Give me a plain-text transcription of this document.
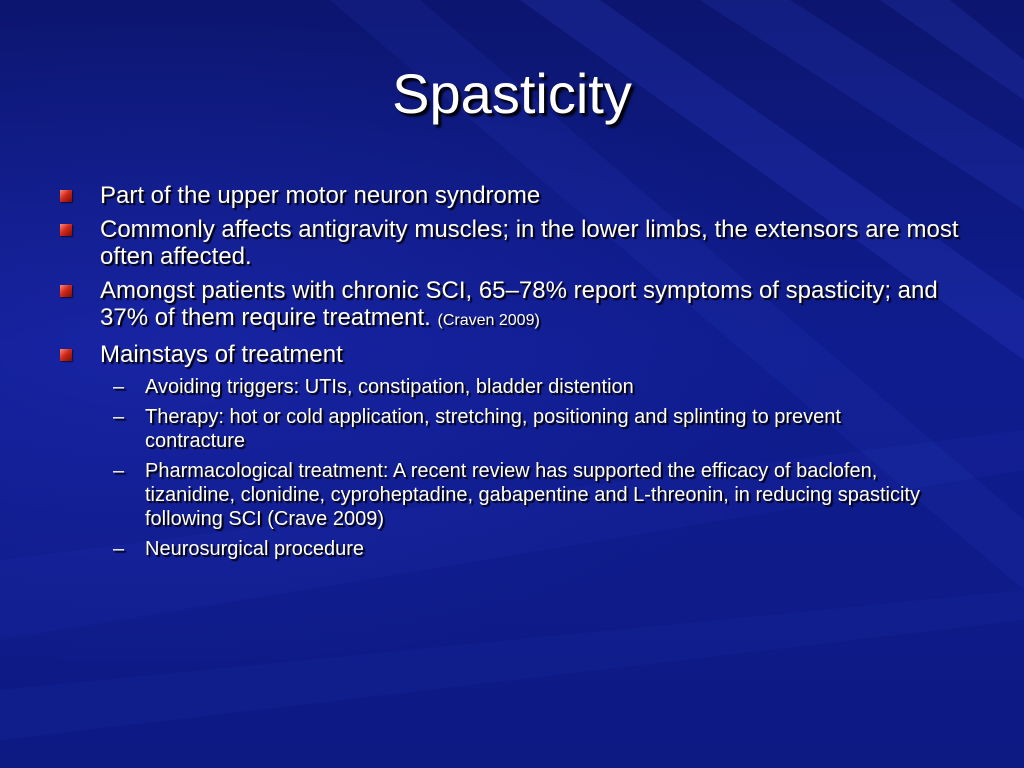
Spasticity
Part of the upper motor neuron syndrome
Commonly affects antigravity muscles; in the lower limbs, the extensors are most often affected.
Amongst patients with chronic SCI, 65–78% report symptoms of spasticity; and 37% of them require treatment. (Craven 2009)
Mainstays of treatment
– Avoiding triggers: UTIs, constipation, bladder distention
– Therapy: hot or cold application, stretching, positioning and splinting to prevent contracture
– Pharmacological treatment: A recent review has supported the efficacy of baclofen, tizanidine, clonidine, cyproheptadine, gabapentine and L-threonin, in reducing spasticity following SCI (Crave 2009)
– Neurosurgical procedure
